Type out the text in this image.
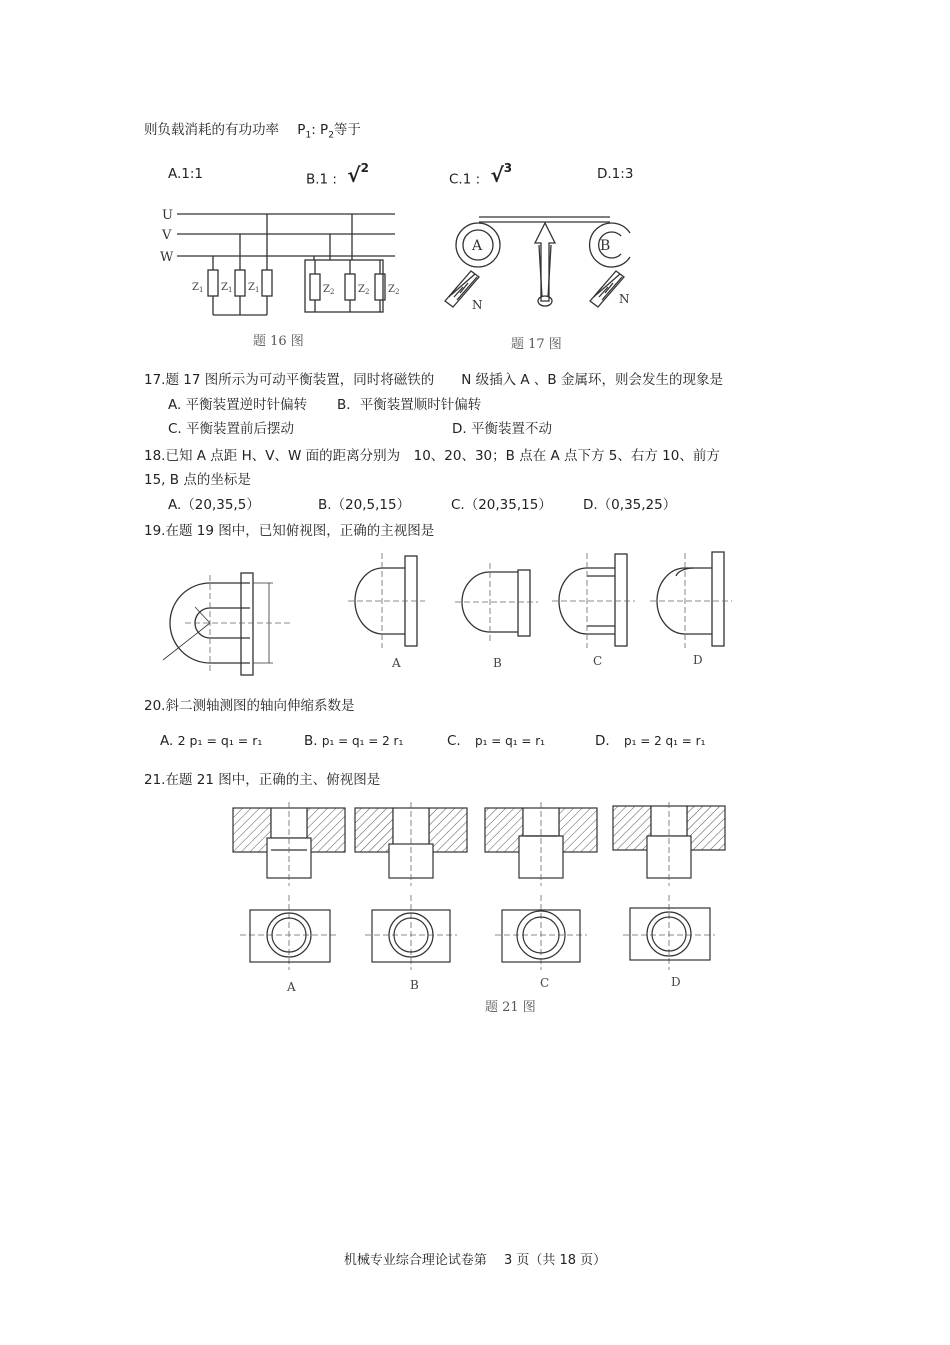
则负载消耗的有功功率 $P_1$: $P_2$等于
A.1:1	B.1 : √$^2$
C.1 : √$^3$	D.1:3
U
V
W
$Z_1$ $Z_1$ $Z_1$	$Z_2$ $Z_2$ $Z_2$
题 16 图
A	B
N	N
题 17 图
17.题 17 图所示为可动平衡装置，同时将磁铁的　　N 级插入 A 、B 金属环，则会发生的现象是
A. 平衡装置逆时针偏转 B．平衡装置顺时针偏转
C. 平衡装置前后摆动	D. 平衡装置不动
18.已知 A 点距 H、V、W 面的距离分别为　10、20、30；B 点在 A 点下方 5、右方 10、前方
15, B 点的坐标是
A.（20,35,5）	B.（20,5,15）	C.（20,35,15） D.（0,35,25）
19.在题 19 图中，已知俯视图，正确的主视图是
A	B	C	D
20.斜二测轴测图的轴向伸缩系数是
A. 2 p₁ = q₁ = r₁	B. p₁ = q₁ = 2 r₁	C. p₁ = q₁ = r₁	D. p₁ = 2 q₁ = r₁
21.在题 21 图中，正确的主、俯视图是
A	B	C	D
题 21 图
机械专业综合理论试卷第　 3 页（共 18 页）
